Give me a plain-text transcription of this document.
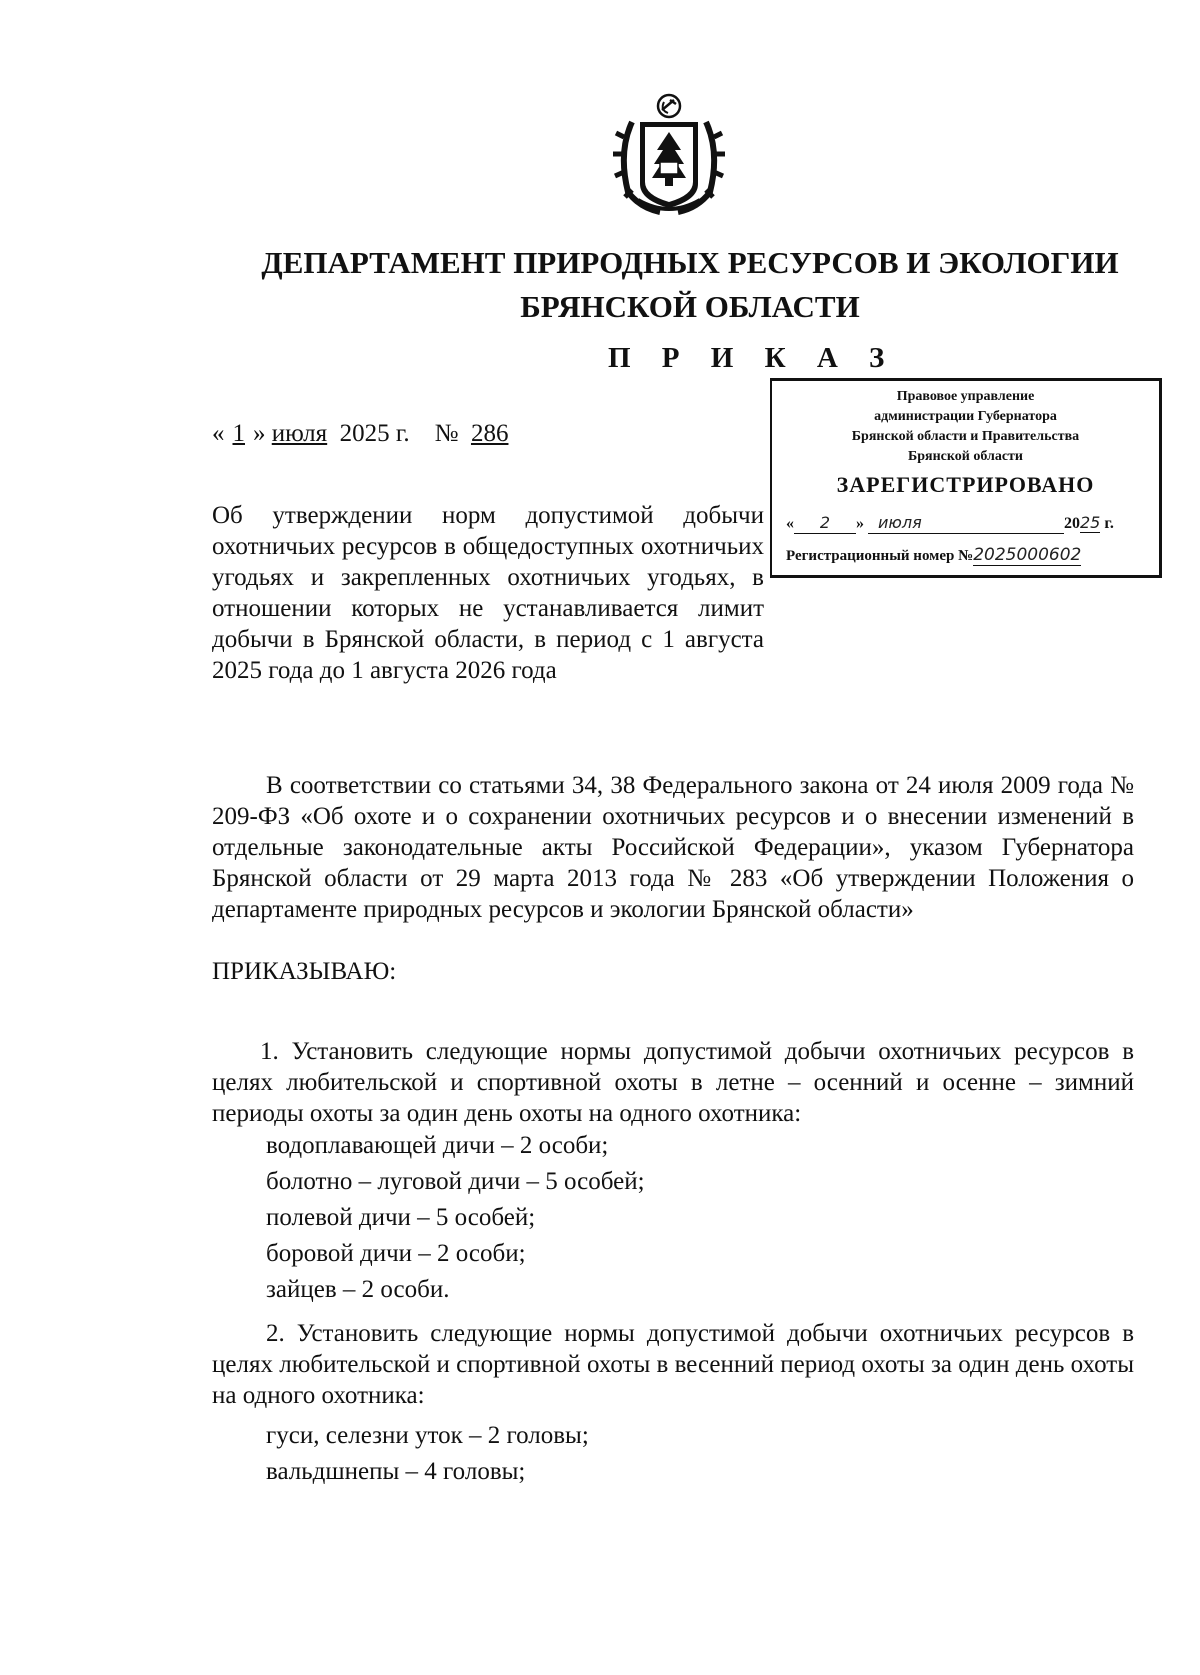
ДЕПАРТАМЕНТ ПРИРОДНЫХ РЕСУРСОВ И ЭКОЛОГИИ
БРЯНСКОЙ ОБЛАСТИ
П Р И К А З
Правовое управление
администрации Губернатора
Брянской области и Правительства
Брянской области
ЗАРЕГИСТРИРОВАНО
« 2 » июля	2025 г.
Регистрационный номер №2025000602
« 1 » июля 2025 г. № 286
Об утверждении норм допустимой добычи охотничьих ресурсов в общедоступных охотничьих угодьях и закрепленных охотничьих угодьях, в отношении которых не устанавливается лимит добычи в Брянской области, в период с 1 августа 2025 года до 1 августа 2026 года
В соответствии со статьями 34, 38 Федерального закона от 24 июля 2009 года № 209-ФЗ «Об охоте и о сохранении охотничьих ресурсов и о внесении изменений в отдельные законодательные акты Российской Федерации», указом Губернатора Брянской области от 29 марта 2013 года № 283 «Об утверждении Положения о департаменте природных ресурсов и экологии Брянской области»
ПРИКАЗЫВАЮ:
1. Установить следующие нормы допустимой добычи охотничьих ресурсов в целях любительской и спортивной охоты в летне – осенний и осенне – зимний периоды охоты за один день охоты на одного охотника:
водоплавающей дичи – 2 особи;
болотно – луговой дичи – 5 особей;
полевой дичи – 5 особей;
боровой дичи – 2 особи;
зайцев – 2 особи.
2. Установить следующие нормы допустимой добычи охотничьих ресурсов в целях любительской и спортивной охоты в весенний период охоты за один день охоты на одного охотника:
гуси, селезни уток – 2 головы;
вальдшнепы – 4 головы;
